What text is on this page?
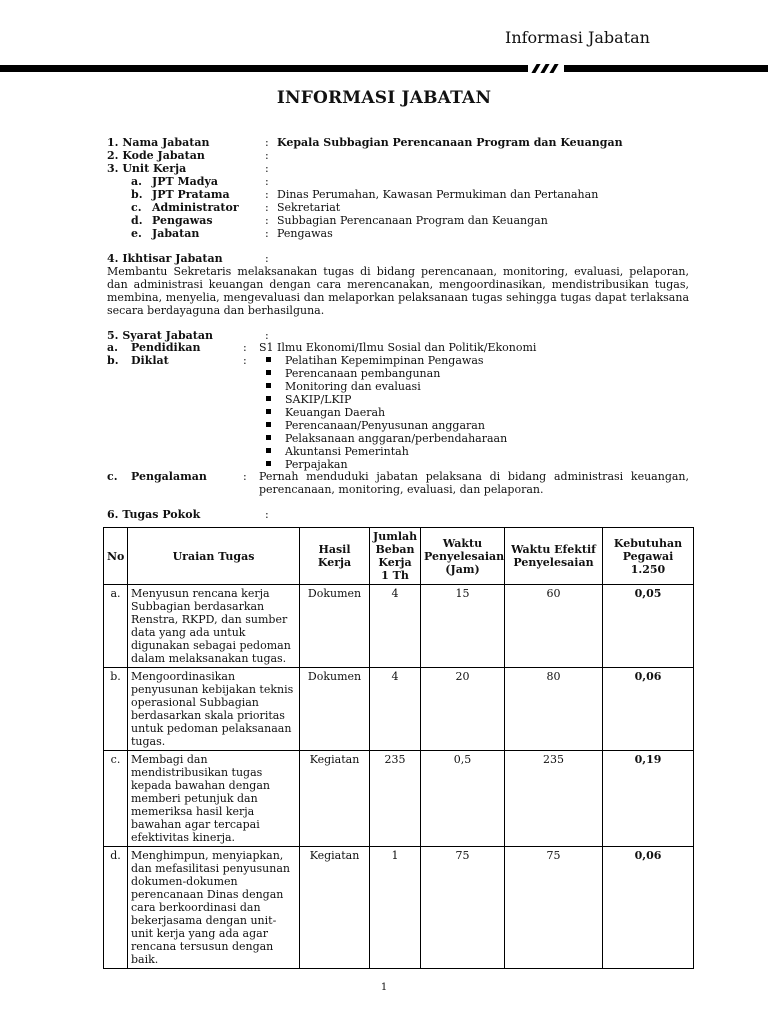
Informasi Jabatan
INFORMASI JABATAN
1. Nama Jabatan	: Kepala Subbagian Perencanaan Program dan Keuangan
2. Kode Jabatan	:
3. Unit Kerja	:
a. JPT Madya	:
b. JPT Pratama	: Dinas Perumahan, Kawasan Permukiman dan Pertanahan
c. Administrator : Sekretariat
d. Pengawas	: Subbagian Perencanaan Program dan Keuangan
e. Jabatan	: Pengawas
4. Ikhtisar Jabatan	:
Membantu Sekretaris melaksanakan tugas di bidang perencanaan, monitoring, evaluasi, pelaporan, dan administrasi keuangan dengan cara merencanakan, mengoordinasikan, mendistribusikan tugas, membina, menyelia, mengevaluasi dan melaporkan pelaksanaan tugas sehingga tugas dapat terlaksana secara berdayaguna dan berhasilguna.
5. Syarat Jabatan	:
a. Pendidikan	: S1 Ilmu Ekonomi/Ilmu Sosial dan Politik/Ekonomi
b. Diklat	:	Pelatihan Kepemimpinan Pengawas
Perencanaan pembangunan
Monitoring dan evaluasi
SAKIP/LKIP
Keuangan Daerah
Perencanaan/Penyusunan anggaran
Pelaksanaan anggaran/perbendaharaan
Akuntansi Pemerintah
Perpajakan
c. Pengalaman	: Pernah menduduki jabatan pelaksana di bidang administrasi keuangan,
perencanaan, monitoring, evaluasi, dan pelaporan.
6. Tugas Pokok	:
No	Uraian Tugas	Hasil Kerja	Jumlah Beban Kerja 1 Th	Waktu Penyelesaian (Jam)	Waktu Efektif Penyelesaian	Kebutuhan Pegawai 1.250
a.	Menyusun rencana kerja Subbagian berdasarkan Renstra, RKPD, dan sumber data yang ada untuk digunakan sebagai pedoman dalam melaksanakan tugas.	Dokumen	4	15	60	0,05
b.	Mengoordinasikan penyusunan kebijakan teknis operasional Subbagian berdasarkan skala prioritas untuk pedoman pelaksanaan tugas.	Dokumen	4	20	80	0,06
c.	Membagi dan mendistribusikan tugas kepada bawahan dengan memberi petunjuk dan memeriksa hasil kerja bawahan agar tercapai efektivitas kinerja.	Kegiatan	235	0,5	235	0,19
d.	Menghimpun, menyiapkan, dan mefasilitasi penyusunan dokumen-dokumen perencanaan Dinas dengan cara berkoordinasi dan bekerjasama dengan unit-unit kerja yang ada agar rencana tersusun dengan baik.	Kegiatan	1	75	75	0,06
1
